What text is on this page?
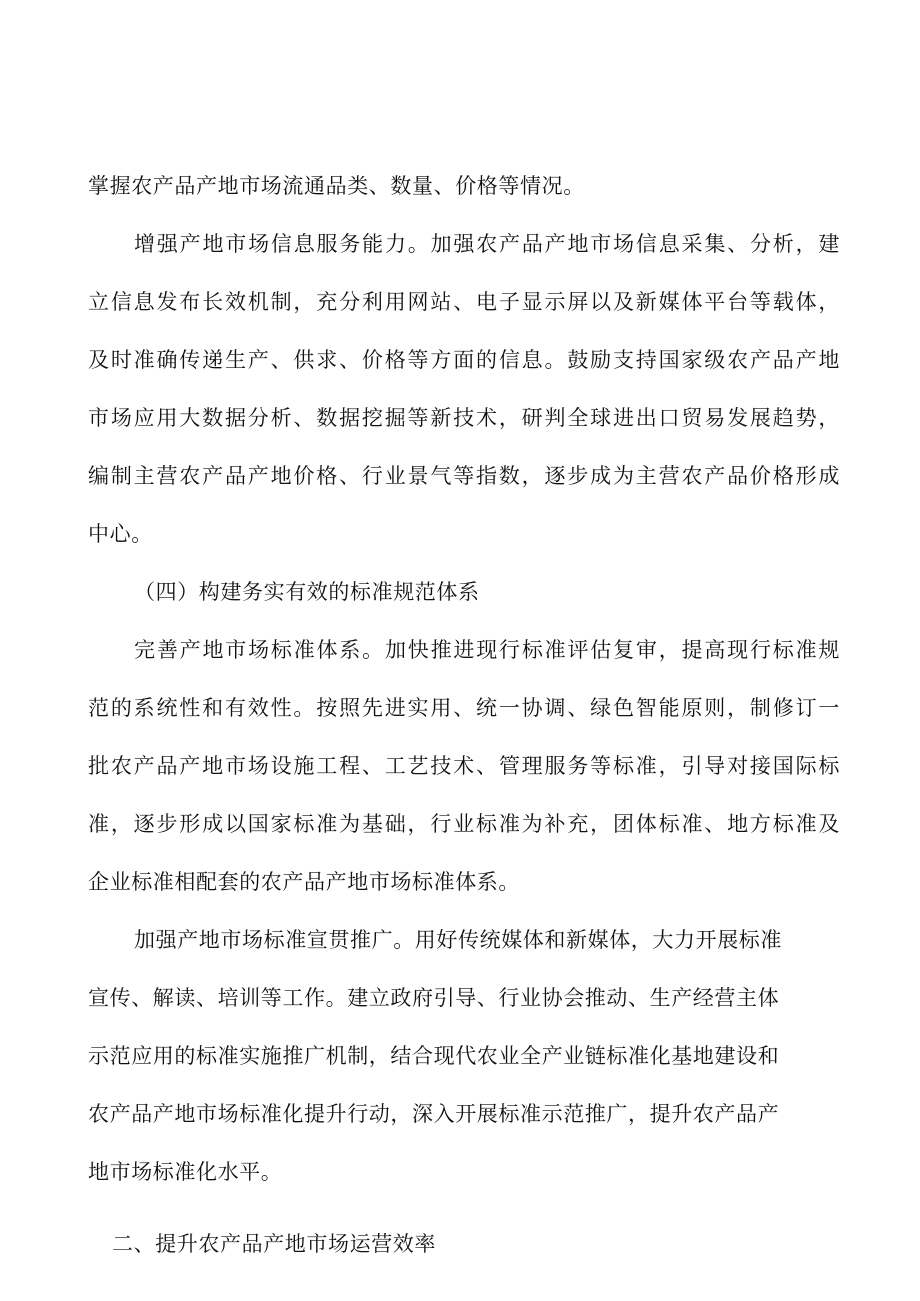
掌握农产品产地市场流通品类、数量、价格等情况。
增强产地市场信息服务能力。加强农产品产地市场信息采集、分析，建
立信息发布长效机制，充分利用网站、电子显示屏以及新媒体平台等载体，
及时准确传递生产、供求、价格等方面的信息。鼓励支持国家级农产品产地
市场应用大数据分析、数据挖掘等新技术，研判全球进出口贸易发展趋势，
编制主营农产品产地价格、行业景气等指数，逐步成为主营农产品价格形成
中心。
（四）构建务实有效的标准规范体系
完善产地市场标准体系。加快推进现行标准评估复审，提高现行标准规
范的系统性和有效性。按照先进实用、统一协调、绿色智能原则，制修订一
批农产品产地市场设施工程、工艺技术、管理服务等标准，引导对接国际标
准，逐步形成以国家标准为基础，行业标准为补充，团体标准、地方标准及
企业标准相配套的农产品产地市场标准体系。
加强产地市场标准宣贯推广。用好传统媒体和新媒体，大力开展标准
宣传、解读、培训等工作。建立政府引导、行业协会推动、生产经营主体
示范应用的标准实施推广机制，结合现代农业全产业链标准化基地建设和
农产品产地市场标准化提升行动，深入开展标准示范推广，提升农产品产
地市场标准化水平。
二、提升农产品产地市场运营效率
